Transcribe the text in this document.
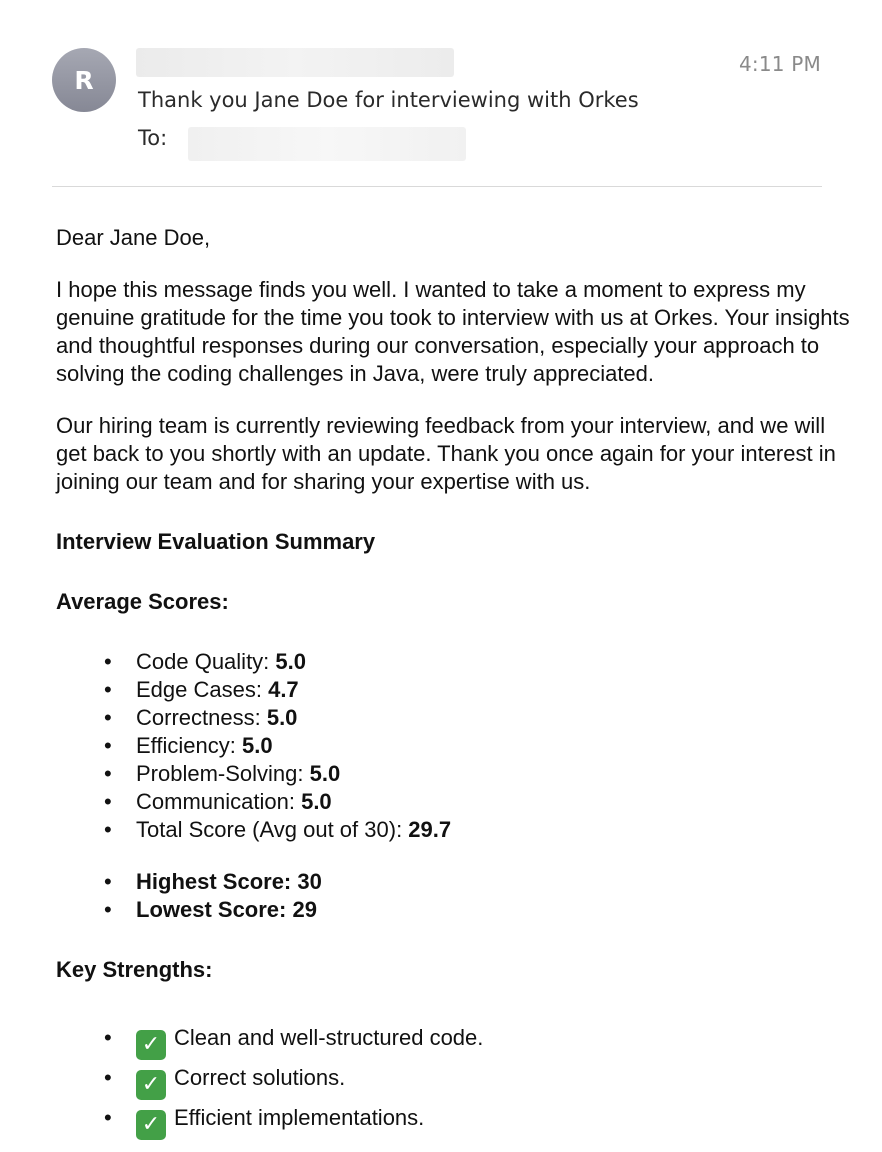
R
4:11 PM
Thank you Jane Doe for interviewing with Orkes
To:

Dear Jane Doe,

I hope this message finds you well. I wanted to take a moment to express my genuine gratitude for the time you took to interview with us at Orkes. Your insights and thoughtful responses during our conversation, especially your approach to solving the coding challenges in Java, were truly appreciated.

Our hiring team is currently reviewing feedback from your interview, and we will get back to you shortly with an update. Thank you once again for your interest in joining our team and for sharing your expertise with us.

Interview Evaluation Summary
Average Scores:
• Code Quality: 5.0
• Edge Cases: 4.7
• Correctness: 5.0
• Efficiency: 5.0
• Problem-Solving: 5.0
• Communication: 5.0
• Total Score (Avg out of 30): 29.7
• Highest Score: 30
• Lowest Score: 29
Key Strengths:
• ✓ Clean and well-structured code.
• ✓ Correct solutions.
• ✓ Efficient implementations.
